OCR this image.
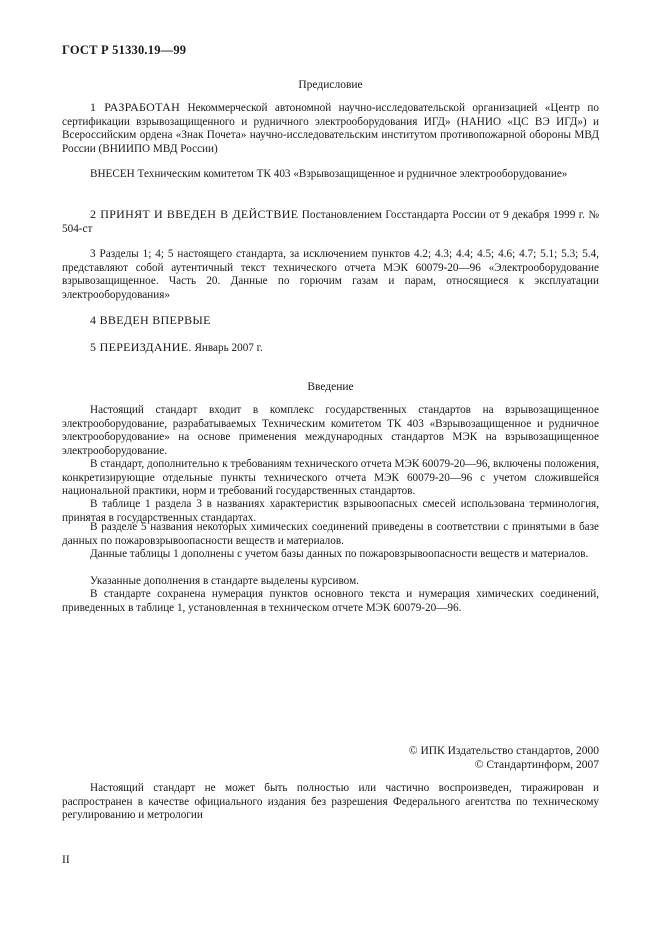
ГОСТ Р 51330.19—99
Предисловие

1 РАЗРАБОТАН Некоммерческой автономной научно-исследовательской организацией «Центр по сертификации взрывозащищенного и рудничного электрооборудования ИГД» (НАНИО «ЦС ВЭ ИГД») и Всероссийским ордена «Знак Почета» научно-исследовательским институтом противопожарной обороны МВД России (ВНИИПО МВД России)

ВНЕСЕН Техническим комитетом ТК 403 «Взрывозащищенное и рудничное электрооборудование»

2 ПРИНЯТ И ВВЕДЕН В ДЕЙСТВИЕ Постановлением Госстандарта России от 9 декабря 1999 г. № 504-ст

3 Разделы 1; 4; 5 настоящего стандарта, за исключением пунктов 4.2; 4.3; 4.4; 4.5; 4.6; 4.7; 5.1; 5.3; 5.4, представляют собой аутентичный текст технического отчета МЭК 60079-20—96 «Электрооборудование взрывозащищенное. Часть 20. Данные по горючим газам и парам, относящиеся к эксплуатации электрооборудования»

4 ВВЕДЕН ВПЕРВЫЕ

5 ПЕРЕИЗДАНИЕ. Январь 2007 г.

Введение

Настоящий стандарт входит в комплекс государственных стандартов на взрывозащищенное электрооборудование, разрабатываемых Техническим комитетом ТК 403 «Взрывозащищенное и рудничное электрооборудование» на основе применения международных стандартов МЭК на взрывозащищенное электрооборудование.

В стандарт, дополнительно к требованиям технического отчета МЭК 60079-20—96, включены положения, конкретизирующие отдельные пункты технического отчета МЭК 60079-20—96 с учетом сложившейся национальной практики, норм и требований государственных стандартов.

В таблице 1 раздела 3 в названиях характеристик взрывоопасных смесей использована терминология, принятая в государственных стандартах.

В разделе 5 названия некоторых химических соединений приведены в соответствии с принятыми в базе данных по пожаровзрывоопасности веществ и материалов.

Данные таблицы 1 дополнены с учетом базы данных по пожаровзрывоопасности веществ и материалов.

Указанные дополнения в стандарте выделены курсивом.

В стандарте сохранена нумерация пунктов основного текста и нумерация химических соединений, приведенных в таблице 1, установленная в техническом отчете МЭК 60079-20—96.

© ИПК Издательство стандартов, 2000
© Стандартинформ, 2007

Настоящий стандарт не может быть полностью или частично воспроизведен, тиражирован и распространен в качестве официального издания без разрешения Федерального агентства по техническому регулированию и метрологии

II
